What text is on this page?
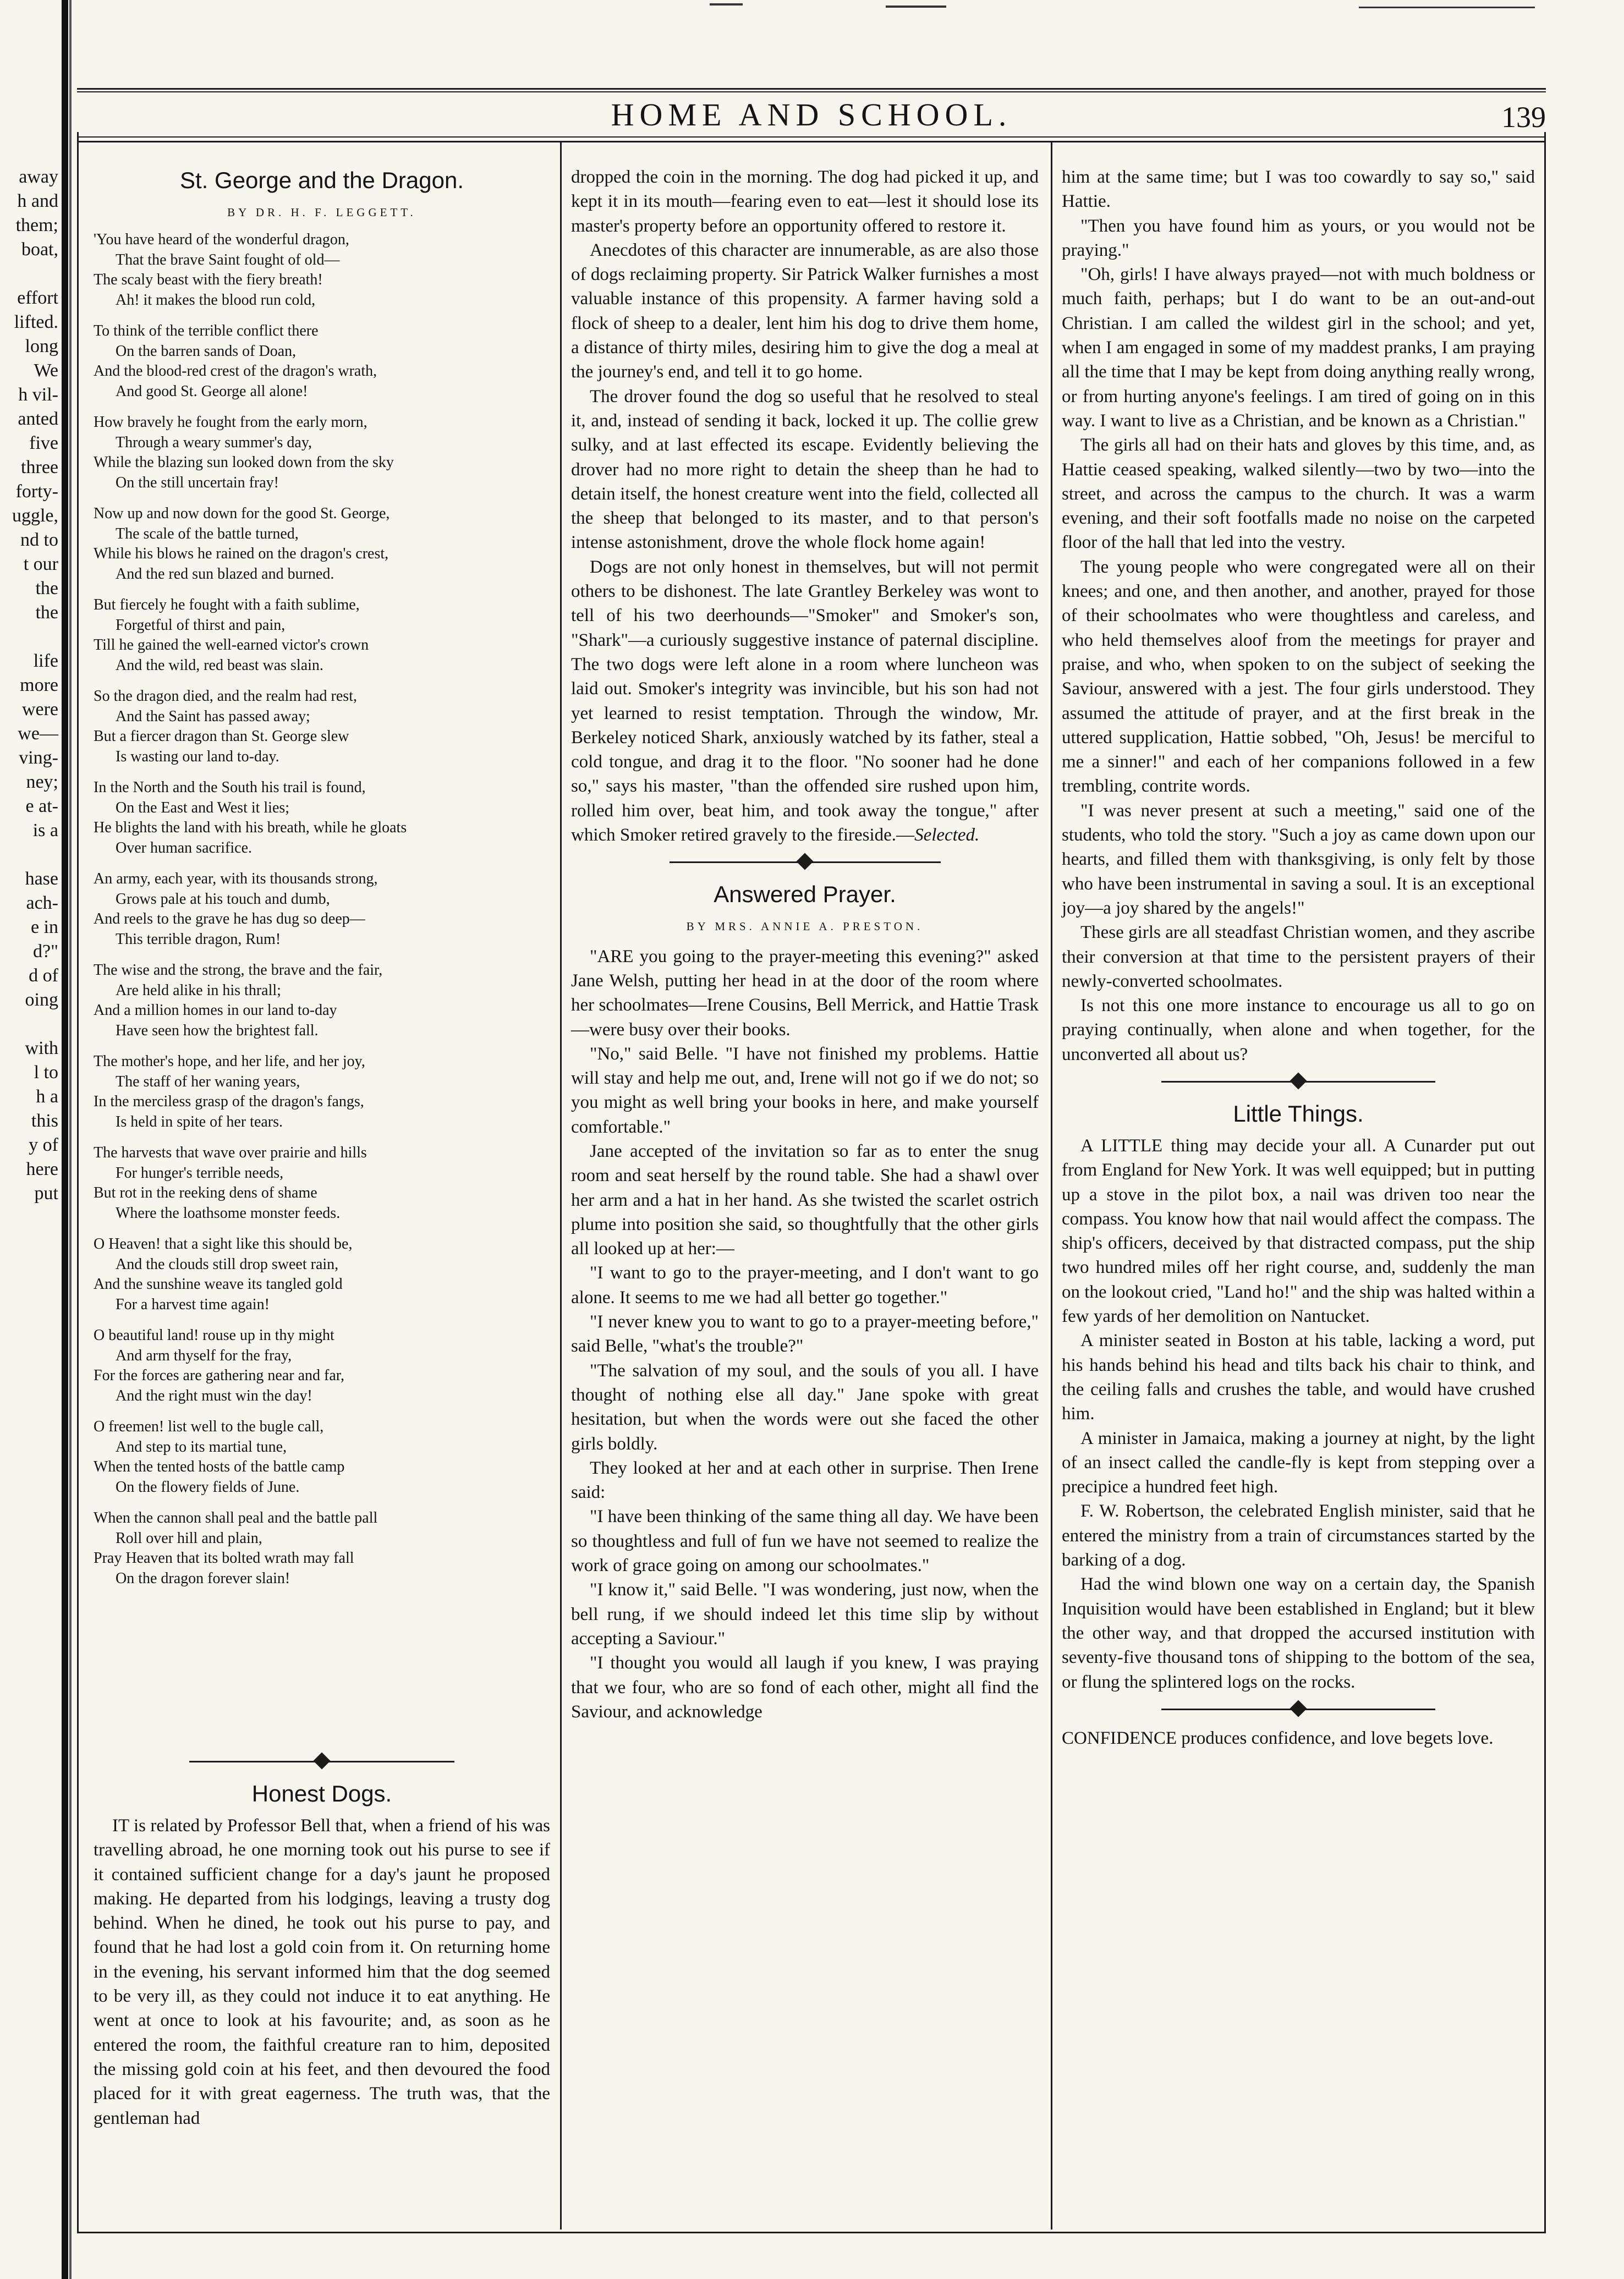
away
h and
them;
boat,
effort
lifted.
long
We
h vil-
anted
five
three
forty-
uggle,
nd to
t our
the
the
life
more
were
we—
ving-
ney;
e at-
is a
hase
ach-
e in
d?"
d of
oing
with
l to
h a
this
y of
here
put
HOME AND SCHOOL.	139
St. George and the Dragon.
BY DR. H. F. LEGGETT.

'You have heard of the wonderful dragon,
That the brave Saint fought of old—
The scaly beast with the fiery breath!
Ah! it makes the blood run cold,

To think of the terrible conflict there
On the barren sands of Doan,
And the blood-red crest of the dragon's wrath,
And good St. George all alone!

How bravely he fought from the early morn,
Through a weary summer's day,
While the blazing sun looked down from the sky
On the still uncertain fray!

Now up and now down for the good St. George,
The scale of the battle turned,
While his blows he rained on the dragon's crest,
And the red sun blazed and burned.

But fiercely he fought with a faith sublime,
Forgetful of thirst and pain,
Till he gained the well-earned victor's crown
And the wild, red beast was slain.

So the dragon died, and the realm had rest,
And the Saint has passed away;
But a fiercer dragon than St. George slew
Is wasting our land to-day.

In the North and the South his trail is found,
On the East and West it lies;
He blights the land with his breath, while he gloats
Over human sacrifice.

An army, each year, with its thousands strong,
Grows pale at his touch and dumb,
And reels to the grave he has dug so deep—
This terrible dragon, Rum!

The wise and the strong, the brave and the fair,
Are held alike in his thrall;
And a million homes in our land to-day
Have seen how the brightest fall.

The mother's hope, and her life, and her joy,
The staff of her waning years,
In the merciless grasp of the dragon's fangs,
Is held in spite of her tears.

The harvests that wave over prairie and hills
For hunger's terrible needs,
But rot in the reeking dens of shame
Where the loathsome monster feeds.

O Heaven! that a sight like this should be,
And the clouds still drop sweet rain,
And the sunshine weave its tangled gold
For a harvest time again!

O beautiful land! rouse up in thy might
And arm thyself for the fray,
For the forces are gathering near and far,
And the right must win the day!

O freemen! list well to the bugle call,
And step to its martial tune,
When the tented hosts of the battle camp
On the flowery fields of June.

When the cannon shall peal and the battle pall
Roll over hill and plain,
Pray Heaven that its bolted wrath may fall
On the dragon forever slain!

Honest Dogs.

IT is related by Professor Bell that, when a friend of his was travelling abroad, he one morning took out his purse to see if it contained sufficient change for a day's jaunt he proposed making. He departed from his lodgings, leaving a trusty dog behind. When he dined, he took out his purse to pay, and found that he had lost a gold coin from it. On returning home in the evening, his servant informed him that the dog seemed to be very ill, as they could not induce it to eat anything. He went at once to look at his favourite; and, as soon as he entered the room, the faithful creature ran to him, deposited the missing gold coin at his feet, and then devoured the food placed for it with great eagerness. The truth was, that the gentleman had

dropped the coin in the morning. The dog had picked it up, and kept it in its mouth—fearing even to eat—lest it should lose its master's property before an opportunity offered to restore it.

Anecdotes of this character are innumerable, as are also those of dogs reclaiming property. Sir Patrick Walker furnishes a most valuable instance of this propensity. A farmer having sold a flock of sheep to a dealer, lent him his dog to drive them home, a distance of thirty miles, desiring him to give the dog a meal at the journey's end, and tell it to go home.

The drover found the dog so useful that he resolved to steal it, and, instead of sending it back, locked it up. The collie grew sulky, and at last effected its escape. Evidently believing the drover had no more right to detain the sheep than he had to detain itself, the honest creature went into the field, collected all the sheep that belonged to its master, and to that person's intense astonishment, drove the whole flock home again!

Dogs are not only honest in themselves, but will not permit others to be dishonest. The late Grantley Berkeley was wont to tell of his two deerhounds—"Smoker" and Smoker's son, "Shark"—a curiously suggestive instance of paternal discipline. The two dogs were left alone in a room where luncheon was laid out. Smoker's integrity was invincible, but his son had not yet learned to resist temptation. Through the window, Mr. Berkeley noticed Shark, anxiously watched by its father, steal a cold tongue, and drag it to the floor. "No sooner had he done so," says his master, "than the offended sire rushed upon him, rolled him over, beat him, and took away the tongue," after which Smoker retired gravely to the fireside.—Selected.

Answered Prayer.
BY MRS. ANNIE A. PRESTON.

"ARE you going to the prayer-meeting this evening?" asked Jane Welsh, putting her head in at the door of the room where her schoolmates—Irene Cousins, Bell Merrick, and Hattie Trask—were busy over their books.

"No," said Belle. "I have not finished my problems. Hattie will stay and help me out, and, Irene will not go if we do not; so you might as well bring your books in here, and make yourself comfortable."

Jane accepted of the invitation so far as to enter the snug room and seat herself by the round table. She had a shawl over her arm and a hat in her hand. As she twisted the scarlet ostrich plume into position she said, so thoughtfully that the other girls all looked up at her:—

"I want to go to the prayer-meeting, and I don't want to go alone. It seems to me we had all better go together."

"I never knew you to want to go to a prayer-meeting before," said Belle, "what's the trouble?"

"The salvation of my soul, and the souls of you all. I have thought of nothing else all day." Jane spoke with great hesitation, but when the words were out she faced the other girls boldly.

They looked at her and at each other in surprise. Then Irene said:

"I have been thinking of the same thing all day. We have been so thoughtless and full of fun we have not seemed to realize the work of grace going on among our schoolmates."

"I know it," said Belle. "I was wondering, just now, when the bell rung, if we should indeed let this time slip by without accepting a Saviour."

"I thought you would all laugh if you knew, I was praying that we four, who are so fond of each other, might all find the Saviour, and acknowledge

him at the same time; but I was too cowardly to say so," said Hattie.

"Then you have found him as yours, or you would not be praying."

"Oh, girls! I have always prayed—not with much boldness or much faith, perhaps; but I do want to be an out-and-out Christian. I am called the wildest girl in the school; and yet, when I am engaged in some of my maddest pranks, I am praying all the time that I may be kept from doing anything really wrong, or from hurting anyone's feelings. I am tired of going on in this way. I want to live as a Christian, and be known as a Christian."

The girls all had on their hats and gloves by this time, and, as Hattie ceased speaking, walked silently—two by two—into the street, and across the campus to the church. It was a warm evening, and their soft footfalls made no noise on the carpeted floor of the hall that led into the vestry.

The young people who were congregated were all on their knees; and one, and then another, and another, prayed for those of their schoolmates who were thoughtless and careless, and who held themselves aloof from the meetings for prayer and praise, and who, when spoken to on the subject of seeking the Saviour, answered with a jest. The four girls understood. They assumed the attitude of prayer, and at the first break in the uttered supplication, Hattie sobbed, "Oh, Jesus! be merciful to me a sinner!" and each of her companions followed in a few trembling, contrite words.

"I was never present at such a meeting," said one of the students, who told the story. "Such a joy as came down upon our hearts, and filled them with thanksgiving, is only felt by those who have been instrumental in saving a soul. It is an exceptional joy—a joy shared by the angels!"

These girls are all steadfast Christian women, and they ascribe their conversion at that time to the persistent prayers of their newly-converted schoolmates.

Is not this one more instance to encourage us all to go on praying continually, when alone and when together, for the unconverted all about us?

Little Things.

A LITTLE thing may decide your all. A Cunarder put out from England for New York. It was well equipped; but in putting up a stove in the pilot box, a nail was driven too near the compass. You know how that nail would affect the compass. The ship's officers, deceived by that distracted compass, put the ship two hundred miles off her right course, and, suddenly the man on the lookout cried, "Land ho!" and the ship was halted within a few yards of her demolition on Nantucket.

A minister seated in Boston at his table, lacking a word, put his hands behind his head and tilts back his chair to think, and the ceiling falls and crushes the table, and would have crushed him.

A minister in Jamaica, making a journey at night, by the light of an insect called the candle-fly is kept from stepping over a precipice a hundred feet high.

F. W. Robertson, the celebrated English minister, said that he entered the ministry from a train of circumstances started by the barking of a dog.

Had the wind blown one way on a certain day, the Spanish Inquisition would have been established in England; but it blew the other way, and that dropped the accursed institution with seventy-five thousand tons of shipping to the bottom of the sea, or flung the splintered logs on the rocks.

CONFIDENCE produces confidence, and love begets love.
